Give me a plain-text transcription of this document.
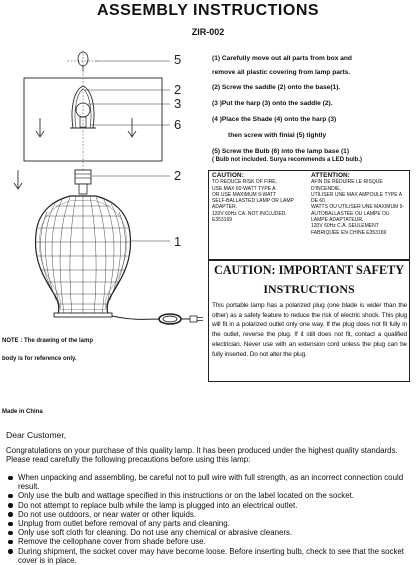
ASSEMBLY INSTRUCTIONS
ZIR-002
5
2
3
6
2
1
(1) Carefully move out all parts from box and
remove all plastic covering from lamp parts.
(2) Screw the saddle (2) onto the base(1).
(3 )Put the harp (3) onto the saddle (2).
(4 )Place the Shade (4) onto the harp (3)
then screw with finial (5) tightly
(5) Screw the Bulb (6) into the lamp base (1)
( Bulb not included. Surya recommends a LED bulb.)
CAUTION:
TO REDUCE RISK OF FIRE,
USE MAX 60-WATT TYPE A
OR USE MAXIMUM 9-WATT
SELF-BALLASTED LAMP OR LAMP ADAPTER.
120V 60Hz CA. NOT INCLUDED. E353169
ATTENTION:
AFIN DE RÉDUIRE LE RISQUE D'INCENDIE,
UTILISER UNE MAX AMPOULE TYPE A DE 60
WATTS OU UTILISER UNE MAXIMUM 9-
AUTOBALLASTÉE OU LAMPE OU LAMPE ADAPTATEUR.
120V 60Hz C.A. SEULEMENT FABRIQUÉE EN CHINE E353169
CAUTION: IMPORTANT SAFETY
INSTRUCTIONS
This portable lamp has a polarized plug (one blade is wider than the other) as a safety feature to reduce the risk of electric shock. This plug will fit in a polarized outlet only one way. If the plug does not fit fully in the outlet, reverse the plug. If it still does not fit, contact a qualified electrician. Never use with an extension cord unless the plug can be fully inserted. Do not alter the plug.
NOTE : The drawing of the lamp
body is for reference only.
Made in China
Dear Customer,
Congratulations on your purchase of this quality lamp. It has been produced under the highest quality standards. Please read carefully the following precautions before using this lamp:
When unpacking and assembling, be careful not to pull wire with full strength, as an incorrect connection could result.
Only use the bulb and wattage specified in this instructions or on the label located on the socket.
Do not attempt to replace bulb while the lamp is plugged into an electrical outlet.
Do not use outdoors, or near water or other liquids.
Unplug from outlet before removal of any parts and cleaning.
Only use soft cloth for cleaning. Do not use any chemical or abrasive cleaners.
Remove the cellophane cover from shade before use.
During shipment, the socket cover may have become loose. Before inserting bulb, check to see that the socket cover is in place.
